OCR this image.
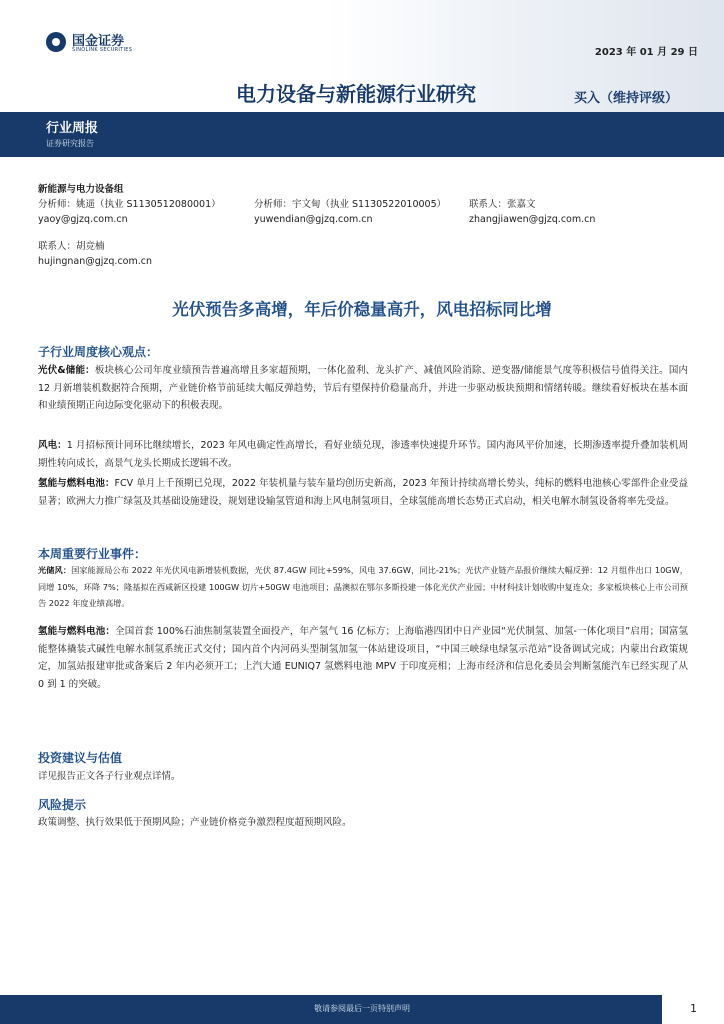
国金证券
SINOLINK SECURITIES	2023 年 01 月 29 日
电力设备与新能源行业研究	买入（维持评级）
行业周报
证券研究报告
新能源与电力设备组
分析师：姚遥（执业 S1130512080001）	分析师：宇文甸（执业 S1130522010005） 联系人：张嘉文
yaoy@gjzq.com.cn	yuwendian@gjzq.com.cn	zhangjiawen@gjzq.com.cn
联系人：胡竞楠
hujingnan@gjzq.com.cn
光伏预告多高增，年后价稳量高升，风电招标同比增
子行业周度核心观点：
光伏&储能：板块核心公司年度业绩预告普遍高增且多家超预期，一体化盈利、龙头扩产、减值风险消除、逆变器/储能景气度等积极信号值得关注。国内 12 月新增装机数据符合预期，产业链价格节前延续大幅反弹趋势，节后有望保持价稳量高升，并进一步驱动板块预期和情绪转暖。继续看好板块在基本面和业绩预期正向边际变化驱动下的积极表现。
风电：1 月招标预计同环比继续增长，2023 年风电确定性高增长，看好业绩兑现，渗透率快速提升环节。国内海风平价加速，长期渗透率提升叠加装机周期性转向成长，高景气龙头长期成长逻辑不改。
氢能与燃料电池：FCV 单月上千预期已兑现，2022 年装机量与装车量均创历史新高，2023 年预计持续高增长势头，纯标的燃料电池核心零部件企业受益显著；欧洲大力推广绿氢及其基础设施建设，规划建设输氢管道和海上风电制氢项目，全球氢能高增长态势正式启动，相关电解水制氢设备将率先受益。
本周重要行业事件：
光储风：国家能源局公布 2022 年光伏风电新增装机数据，光伏 87.4GW 同比+59%，风电 37.6GW，同比-21%；光伏产业链产品报价继续大幅反弹：12 月组件出口 10GW，同增 10%，环降 7%；隆基拟在西咸新区投建 100GW 切片+50GW 电池项目；晶澳拟在鄂尔多斯投建一体化光伏产业园；中材科技计划收购中复连众；多家板块核心上市公司预告 2022 年度业绩高增。
氢能与燃料电池：全国首套 100%石油焦制氢装置全面投产，年产氢气 16 亿标方；上海临港四团中日产业园“光伏制氢、加氢-一体化项目”启用；国富氢能整体撬装式碱性电解水制氢系统正式交付；国内首个内河码头型制氢加氢一体站建设项目，“中国三峡绿电绿氢示范站”设备调试完成；内蒙出台政策规定，加氢站报建审批或备案后 2 年内必须开工；上汽大通 EUNIQ7 氢燃料电池 MPV 于印度亮相；上海市经济和信息化委员会判断氢能汽车已经实现了从 0 到 1 的突破。
投资建议与估值
详见报告正文各子行业观点详情。
风险提示
政策调整、执行效果低于预期风险；产业链价格竞争激烈程度超预期风险。
敬请参阅最后一页特别声明	1
